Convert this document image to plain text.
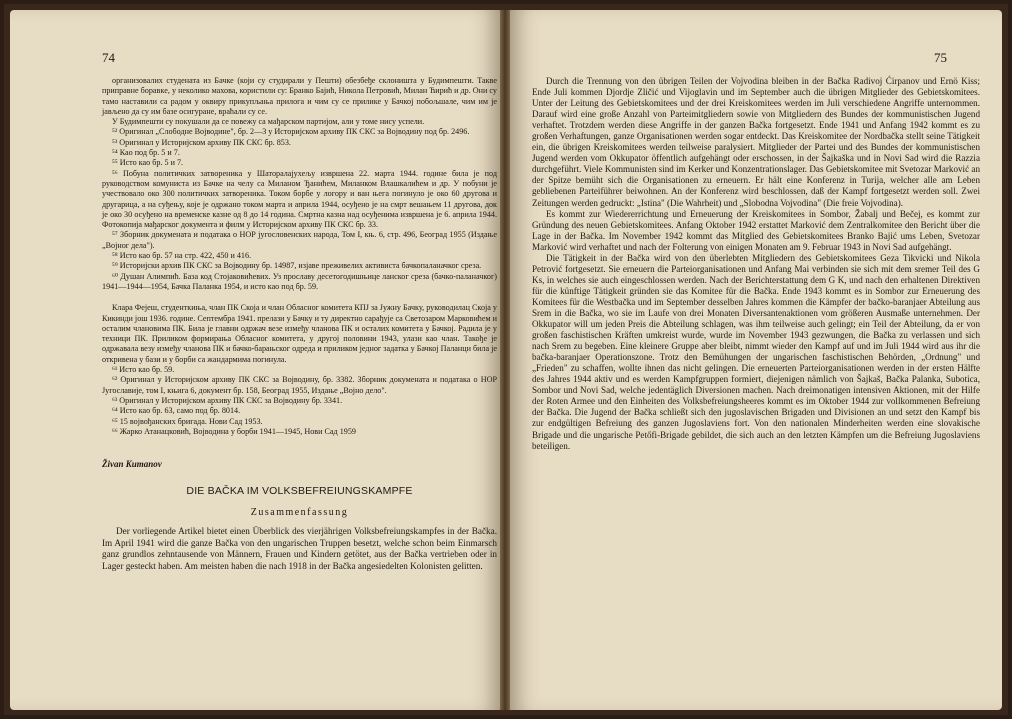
74

организовалих студената из Бачке (који су студирали у Пешти) обезбеђе склоништа у Будимпешти. Такве приправнe борaвкe, у неколико махова, користили су: Бранко Бајић, Никола Петровић, Милан Ћирић и др. Они су тамо наставили са радом у оквиру прикупљања прилога и чим су се прилике у Бачкој побољшале, чим им је јављено да су им базе осигуране, враћали су се.

У Будимпешти су покушали да се повежу са мађарском партијом, али у томе нису успели.

⁵² Оригинал „Слободне Војводине", бр. 2—3 у Историјском архиву ПК СКС за Војводину под бр. 2496.

⁵³ Оригинал у Историјском архиву ПК СКС бр. 853.

⁵⁴ Као под бр. 5 и 7.

⁵⁵ Исто као бр. 5 и 7.

⁵⁶ Побуна политичких затвореника у Шаторалајухељу извршена 22. марта 1944. године била је под руководством комуниста из Бачке на челу са Миланом Ђанићем, Миланком Влашкалићем и др. У побуни је учествовало око 300 политичких затвореника. Током борбе у логору и ван њега погинуло је око 60 другова и другарица, а на суђењу, које је одржано током марта и априла 1944, осуђено је на смрт вешањем 11 другова, док је око 30 осуђено на временске казне од 8 до 14 година. Смртна казна над осуђенима извршена је 6. априла 1944. Фотокопија мађарског документа и филм у Историјском архиву ПК СКС бр. 33.

⁵⁷ Зборник докумената и података о НОР југословенских народа, Том I, књ. 6, стр. 496, Београд 1955 (Издање „Војног дела").

⁵⁸ Исто као бр. 57 на стр. 422, 450 и 416.

⁵⁹ Историјски архив ПК СКС за Војводину бр. 14987, изјаве преживелих активиста бачкопаланачког среза.

⁶⁰ Душан Алимпић. База код Стојаковићевих. Уз прославу десетогодишњице ланског среза (бачко-паланачког) 1941—1944—1954, Бачка Паланка 1954, и исто као под бр. 59.

Клара Фејеш, студенткиња, члан ПК Скоја и члан Обласног комитета КПЈ за Јужну Бачку, руководилац Скоја у Кикинди још 1936. године. Септембра 1941. прелази у Бачку и ту директно сарађује са Светозаром Марковићем и осталим члановима ПК. Била је главни одржач везе између чланова ПК и осталих комитета у Бачкој. Радила је у техници ПК. Приликом формирања Обласног комитета, у другој половини 1943, улази као члан. Такође је одржавала везу између чланова ПК и бачко-барањског одреда и приликом једног задатка у Бачкој Паланци била је откривена у бази и у борби са жандармима погинула.

⁶¹ Исто као бр. 59.

⁶² Оригинал у Историјском архиву ПК СКС за Војводину, бр. 3382. Зборник докумената и података о НОР Југославије, том I, књига 6, документ бр. 158, Београд 1955, Издање „Војно дело".

⁶³ Оригинал у Историјском архиву ПК СКС за Војводину бр. 3341.

⁶⁴ Исто као бр. 63, само под бр. 8014.

⁶⁵ 15 војвођанских бригада. Нови Сад 1953.

⁶⁶ Жарко Атанацковић, Војводина у борби 1941—1945, Нови Сад 1959

Živan Kumanov
DIE BAČKA IM VOLKSBEFREIUNGSKAMPFE
Zusammenfassung

Der vorliegende Artikel bietet einen Überblick des vierjährigen Volksbefreiungskampfes in der Bačka. Im April 1941 wird die ganze Bačka von den ungarischen Truppen besetzt, welche schon beim Einmarsch ganz grundlos zehntausende von Männern, Frauen und Kindern getötet, aus der Bačka vertrieben oder in Lager gesteckt haben. Am meisten haben die nach 1918 in der Bačka angesiedelten Kolonisten gelitten.

75

Durch die Trennung von den übrigen Teilen der Vojvodina bleiben in der Bačka Radivoj Ćirpanov und Ernö Kiss; Ende Juli kommen Djordje Zličić und Vijoglavin und im September auch die übrigen Mitglieder des Gebietskomitees. Unter der Leitung des Gebietskomitees und der drei Kreiskomitees werden im Juli verschiedene Angriffe unternommen. Darauf wird eine große Anzahl von Parteimitgliedern sowie von Mitgliedern des Bundes der kommunistischen Jugend verhaftet. Trotzdem werden diese Angriffe in der ganzen Bačka fortgesetzt. Ende 1941 und Anfang 1942 kommt es zu großen Verhaftungen, ganze Organisationen werden sogar entdeckt. Das Kreiskomitee der Nordbačka stellt seine Tätigkeit ein, die übrigen Kreiskomitees werden teilweise paralysiert. Mitglieder der Partei und des Bundes der kommunistischen Jugend werden vom Okkupator öffentlich aufgehängt oder erschossen, in der Šajkaška und in Novi Sad wird die Razzia durchgeführt. Viele Kommunisten sind im Kerker und Konzentrationslager. Das Gebietskomitee mit Svetozar Marković an der Spitze bemüht sich die Organisationen zu erneuern. Er hält eine Konferenz in Turija, welcher alle am Leben gebliebenen Parteiführer beiwohnen. An der Konferenz wird beschlossen, daß der Kampf fortgesetzt werden soll. Zwei Zeitungen werden gedruckt: „Istina" (Die Wahrheit) und „Slobodna Vojvodina" (Die freie Vojvodina).

Es kommt zur Wiedererrichtung und Erneuerung der Kreiskomitees in Sombor, Žabalj und Bečej, es kommt zur Gründung des neuen Gebietskomitees. Anfang Oktober 1942 erstattet Marković dem Zentralkomitee den Bericht über die Lage in der Bačka. Im November 1942 kommt das Mitglied des Gebietskomitees Branko Bajić ums Leben, Svetozar Marković wird verhaftet und nach der Folterung von einigen Monaten am 9. Februar 1943 in Novi Sad aufgehängt.

Die Tätigkeit in der Bačka wird von den überlebten Mitgliedern des Gebietskomitees Geza Tikvicki und Nikola Petrović fortgesetzt. Sie erneuern die Parteiorganisationen und Anfang Mai verbinden sie sich mit dem sremer Teil des G Ks, in welches sie auch eingeschlossen werden. Nach der Berichterstattung dem G K, und nach den erhaltenen Direktiven für die künftige Tätigkeit gründen sie das Komitee für die Bačka. Ende 1943 kommt es in Sombor zur Erneuerung des Komitees für die Westbačka und im September desselben Jahres kommen die Kämpfer der bačko-baranjaer Abteilung aus Srem in die Bačka, wo sie im Laufe von drei Monaten Diversantenaktionen vom größeren Ausmaße unternehmen. Der Okkupator will um jeden Preis die Abteilung schlagen, was ihm teilweise auch gelingt; ein Teil der Abteilung, da er von großen faschistischen Kräften umkreist wurde, wurde im November 1943 gezwungen, die Bačka zu verlassen und sich nach Srem zu begeben. Eine kleinere Gruppe aber bleibt, nimmt wieder den Kampf auf und im Juli 1944 wird aus ihr die bačka-baranjaer Operationszone. Trotz den Bemühungen der ungarischen faschistischen Behörden, „Ordnung" und „Frieden" zu schaffen, wollte ihnen das nicht gelingen. Die erneuerten Parteiorganisationen werden in der ersten Hälfte des Jahres 1944 aktiv und es werden Kampfgruppen formiert, diejenigen nämlich von Šajkaš, Bačka Palanka, Subotica, Sombor und Novi Sad, welche jedentäglich Diversionen machen. Nach dreimonatigen intensiven Aktionen, mit der Hilfe der Roten Armee und den Einheiten des Volksbefreiungsheeres kommt es im Oktober 1944 zur vollkommenen Befreiung der Bačka. Die Jugend der Bačka schließt sich den jugoslavischen Brigaden und Divisionen an und setzt den Kampf bis zur endgültigen Befreiung des ganzen Jugoslaviens fort. Von den nationalen Minderheiten werden eine slovakische Brigade und die ungarische Petőfi-Brigade gebildet, die sich auch an den letzten Kämpfen um die Befreiung Jugoslaviens beteiligen.
